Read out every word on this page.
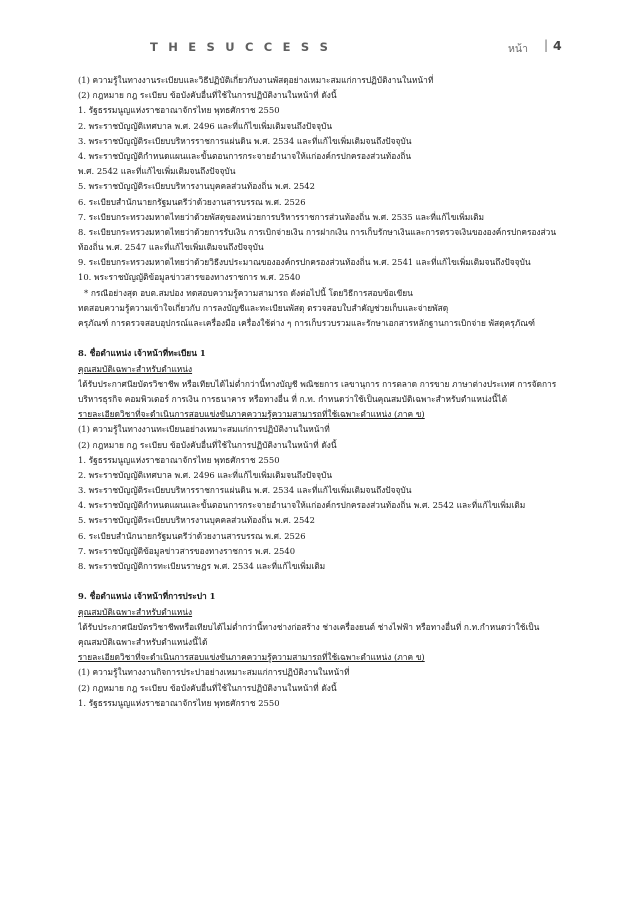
T H E S U C C E S S	หน้า | 4
(1) ความรู้ในทางงานระเบียบและวิธีปฏิบัติเกี่ยวกับงานพัสดุอย่างเหมาะสมแก่การปฏิบัติงานในหน้าที่
(2) กฎหมาย กฎ ระเบียบ ข้อบังคับอื่นที่ใช้ในการปฏิบัติงานในหน้าที่ ดังนี้
1. รัฐธรรมนูญแห่งราชอาณาจักรไทย พุทธศักราช 2550
2. พระราชบัญญัติเทศบาล พ.ศ. 2496 และที่แก้ไขเพิ่มเติมจนถึงปัจจุบัน
3. พระราชบัญญัติระเบียบบริหารราชการแผ่นดิน พ.ศ. 2534 และที่แก้ไขเพิ่มเติมจนถึงปัจจุบัน
4. พระราชบัญญัติกำหนดแผนและขั้นตอนการกระจายอำนาจให้แก่องค์กรปกครองส่วนท้องถิ่น
พ.ศ. 2542 และที่แก้ไขเพิ่มเติมจนถึงปัจจุบัน
5. พระราชบัญญัติระเบียบบริหารงานบุคคลส่วนท้องถิ่น พ.ศ. 2542
6. ระเบียบสำนักนายกรัฐมนตรีว่าด้วยงานสารบรรณ พ.ศ. 2526
7. ระเบียบกระทรวงมหาดไทยว่าด้วยพัสดุของหน่วยการบริหารราชการส่วนท้องถิ่น พ.ศ. 2535 และที่แก้ไขเพิ่มเติม
8. ระเบียบกระทรวงมหาดไทยว่าด้วยการรับเงิน การเบิกจ่ายเงิน การฝากเงิน การเก็บรักษาเงินและการตรวจเงินขององค์กรปกครองส่วน
ท้องถิ่น พ.ศ. 2547 และที่แก้ไขเพิ่มเติมจนถึงปัจจุบัน
9. ระเบียบกระทรวงมหาดไทยว่าด้วยวิธีงบประมาณขององค์กรปกครองส่วนท้องถิ่น พ.ศ. 2541 และที่แก้ไขเพิ่มเติมจนถึงปัจจุบัน
10. พระราชบัญญัติข้อมูลข่าวสารของทางราชการ พ.ศ. 2540
* กรณีอย่างสุด อบต.สมปอง ทดสอบความรู้ความสามารถ ดังต่อไปนี้ โดยวิธีการสอบข้อเขียน
ทดสอบความรู้ความเข้าใจเกี่ยวกับ การลงบัญชีและทะเบียนพัสดุ ตรวจสอบใบสำคัญช่วยเก็บและจ่ายพัสดุ
ครุภัณฑ์ การตรวจสอบอุปกรณ์และเครื่องมือ เครื่องใช้ต่าง ๆ การเก็บรวบรวมและรักษาเอกสารหลักฐานการเบิกจ่าย พัสดุครุภัณฑ์
8. ชื่อตำแหน่ง เจ้าหน้าที่ทะเบียน 1
คุณสมบัติเฉพาะสำหรับตำแหน่ง
ได้รับประกาศนียบัตรวิชาชีพ หรือเทียบได้ไม่ต่ำกว่านี้ทางบัญชี พณิชยการ เลขานุการ การตลาด การขาย ภาษาต่างประเทศ การจัดการ
บริหารธุรกิจ คอมพิวเตอร์ การเงิน การธนาคาร หรือทางอื่น ที่ ก.ท. กำหนดว่าใช้เป็นคุณสมบัติเฉพาะสำหรับตำแหน่งนี้ได้
รายละเอียดวิชาที่จะดำเนินการสอบแข่งขันภาคความรู้ความสามารถที่ใช้เฉพาะตำแหน่ง (ภาค ข)
(1) ความรู้ในทางงานทะเบียนอย่างเหมาะสมแก่การปฏิบัติงานในหน้าที่
(2) กฎหมาย กฎ ระเบียบ ข้อบังคับอื่นที่ใช้ในการปฏิบัติงานในหน้าที่ ดังนี้
1. รัฐธรรมนูญแห่งราชอาณาจักรไทย พุทธศักราช 2550
2. พระราชบัญญัติเทศบาล พ.ศ. 2496 และที่แก้ไขเพิ่มเติมจนถึงปัจจุบัน
3. พระราชบัญญัติระเบียบบริหารราชการแผ่นดิน พ.ศ. 2534 และที่แก้ไขเพิ่มเติมจนถึงปัจจุบัน
4. พระราชบัญญัติกำหนดแผนและขั้นตอนการกระจายอำนาจให้แก่องค์กรปกครองส่วนท้องถิ่น พ.ศ. 2542 และที่แก้ไขเพิ่มเติม
5. พระราชบัญญัติระเบียบบริหารงานบุคคลส่วนท้องถิ่น พ.ศ. 2542
6. ระเบียบสำนักนายกรัฐมนตรีว่าด้วยงานสารบรรณ พ.ศ. 2526
7. พระราชบัญญัติข้อมูลข่าวสารของทางราชการ พ.ศ. 2540
8. พระราชบัญญัติการทะเบียนราษฎร พ.ศ. 2534 และที่แก้ไขเพิ่มเติม
9. ชื่อตำแหน่ง เจ้าหน้าที่การประปา 1
คุณสมบัติเฉพาะสำหรับตำแหน่ง
ได้รับประกาศนียบัตรวิชาชีพหรือเทียบได้ไม่ต่ำกว่านี้ทางช่างก่อสร้าง ช่างเครื่องยนต์ ช่างไฟฟ้า หรือทางอื่นที่ ก.ท.กำหนดว่าใช้เป็น
คุณสมบัติเฉพาะสำหรับตำแหน่งนี้ได้
รายละเอียดวิชาที่จะดำเนินการสอบแข่งขันภาคความรู้ความสามารถที่ใช้เฉพาะตำแหน่ง (ภาค ข)
(1) ความรู้ในทางงานกิจการประปาอย่างเหมาะสมแก่การปฏิบัติงานในหน้าที่
(2) กฎหมาย กฎ ระเบียบ ข้อบังคับอื่นที่ใช้ในการปฏิบัติงานในหน้าที่ ดังนี้
1. รัฐธรรมนูญแห่งราชอาณาจักรไทย พุทธศักราช 2550
